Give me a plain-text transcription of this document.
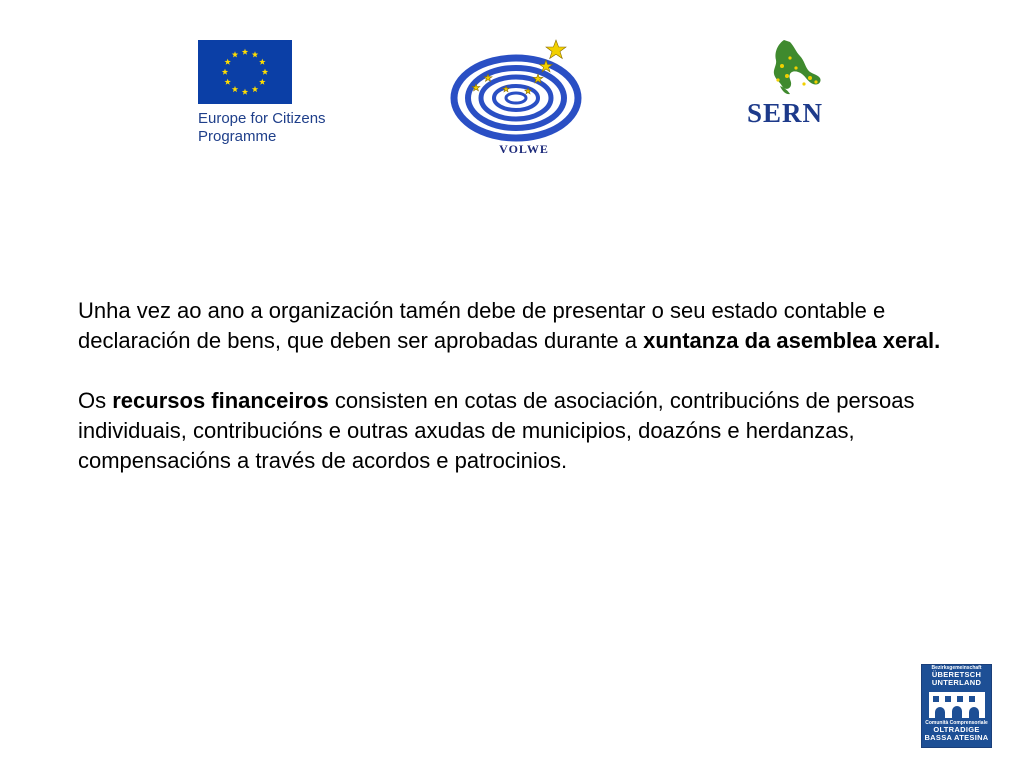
Europe for Citizens
Programme
VOLWE
SERN

Unha vez ao ano a organización tamén debe de presentar o seu estado contable e declaración de bens, que deben ser aprobadas durante a xuntanza da asemblea xeral.

Os recursos financeiros consisten en cotas de asociación, contribucións de persoas individuais, contribucións e outras axudas de municipios, doazóns e herdanzas, compensacións a través de acordos e patrocinios.

Bezirksgemeinschaft
ÜBERETSCH
UNTERLAND
Comunità Comprensoriale
OLTRADIGE
BASSA ATESINA
